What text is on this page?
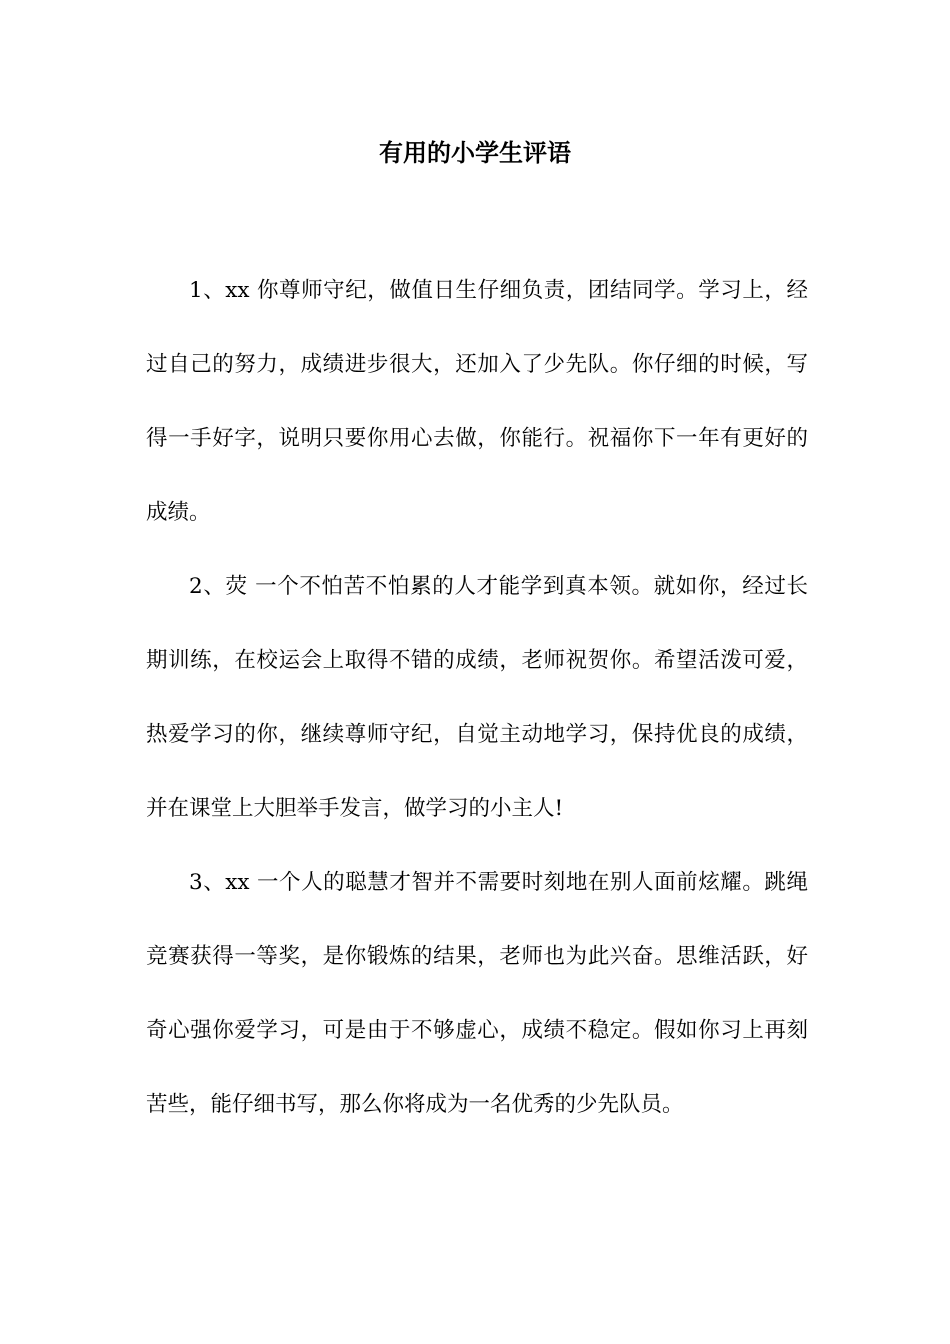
有用的小学生评语

1、xx 你尊师守纪，做值日生仔细负责，团结同学。学习上，经过自己的努力，成绩进步很大，还加入了少先队。你仔细的时候，写得一手好字，说明只要你用心去做，你能行。祝福你下一年有更好的成绩。

2、荧 一个不怕苦不怕累的人才能学到真本领。就如你，经过长期训练，在校运会上取得不错的成绩，老师祝贺你。希望活泼可爱，热爱学习的你，继续尊师守纪，自觉主动地学习，保持优良的成绩，并在课堂上大胆举手发言，做学习的小主人!

3、xx 一个人的聪慧才智并不需要时刻地在别人面前炫耀。跳绳竞赛获得一等奖，是你锻炼的结果，老师也为此兴奋。思维活跃，好奇心强你爱学习，可是由于不够虚心，成绩不稳定。假如你习上再刻苦些，能仔细书写，那么你将成为一名优秀的少先队员。
